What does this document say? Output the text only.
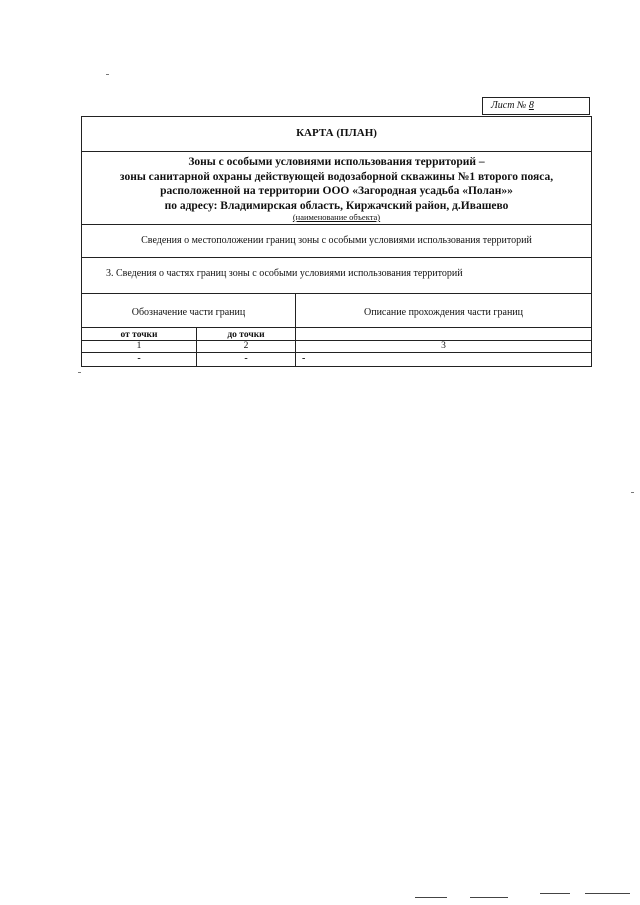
Лист № 8
КАРТА (ПЛАН)
Зоны с особыми условиями использования территорий –
зоны санитарной охраны действующей водозаборной скважины №1 второго пояса,
расположенной на территории ООО «Загородная усадьба «Полан»»
по адресу: Владимирская область, Киржачский район, д.Ивашево
(наименование объекта)
Сведения о местоположении границ зоны с особыми условиями использования территорий
3. Сведения о частях границ зоны с особыми условиями использования территорий
Обозначение части границ	Описание прохождения части границ
от точки	до точки
1	2	3
-	-	-
